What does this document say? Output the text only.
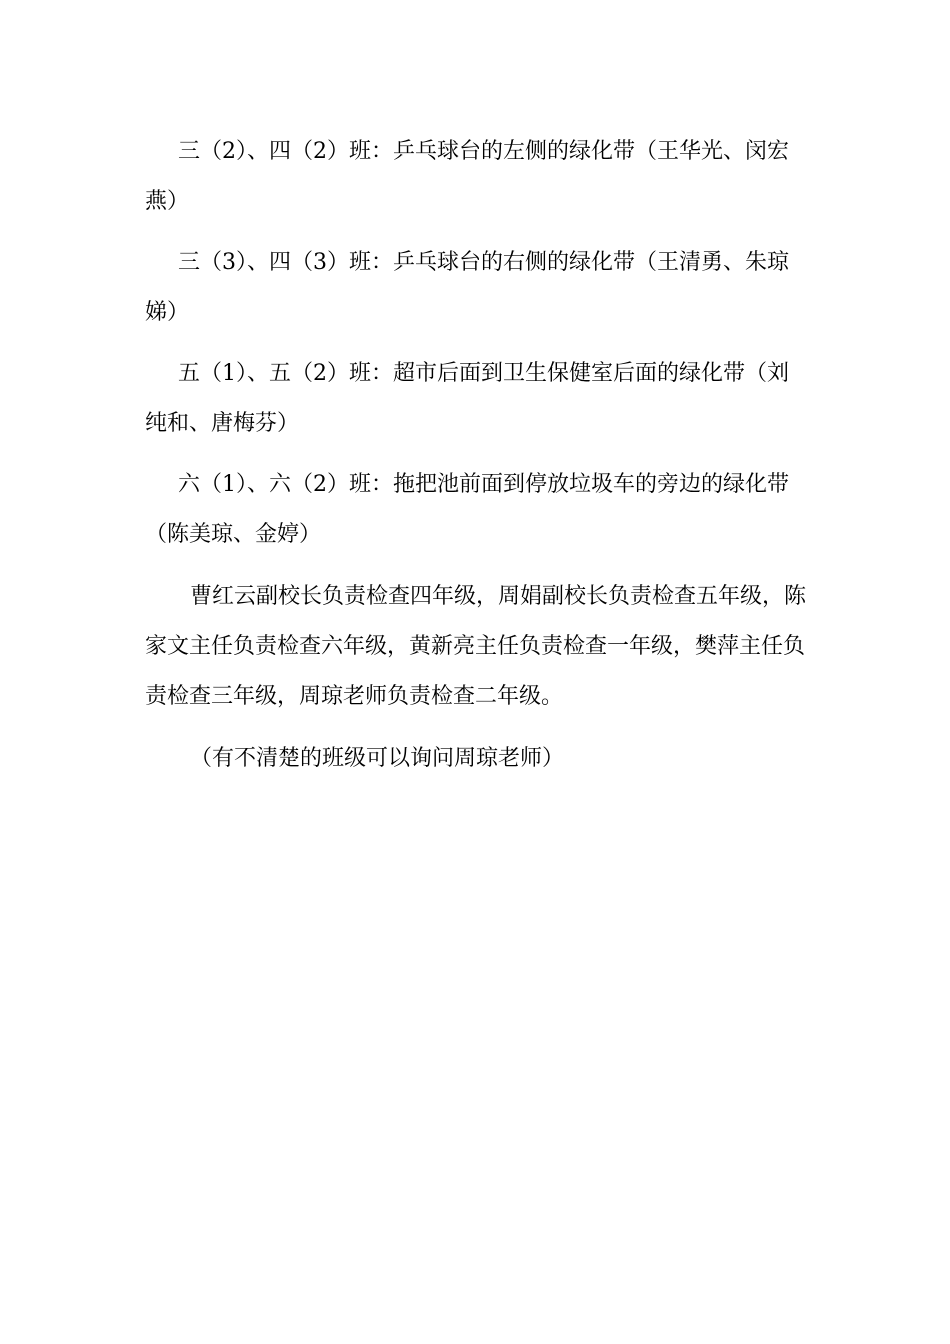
三（2）、四（2）班：乒乓球台的左侧的绿化带（王华光、闵宏燕）

三（3）、四（3）班：乒乓球台的右侧的绿化带（王清勇、朱琼娣）

五（1）、五（2）班：超市后面到卫生保健室后面的绿化带（刘纯和、唐梅芬）

六（1）、六（2）班：拖把池前面到停放垃圾车的旁边的绿化带（陈美琼、金婷）

曹红云副校长负责检查四年级，周娟副校长负责检查五年级，陈家文主任负责检查六年级，黄新亮主任负责检查一年级，樊萍主任负责检查三年级，周琼老师负责检查二年级。

（有不清楚的班级可以询问周琼老师）
